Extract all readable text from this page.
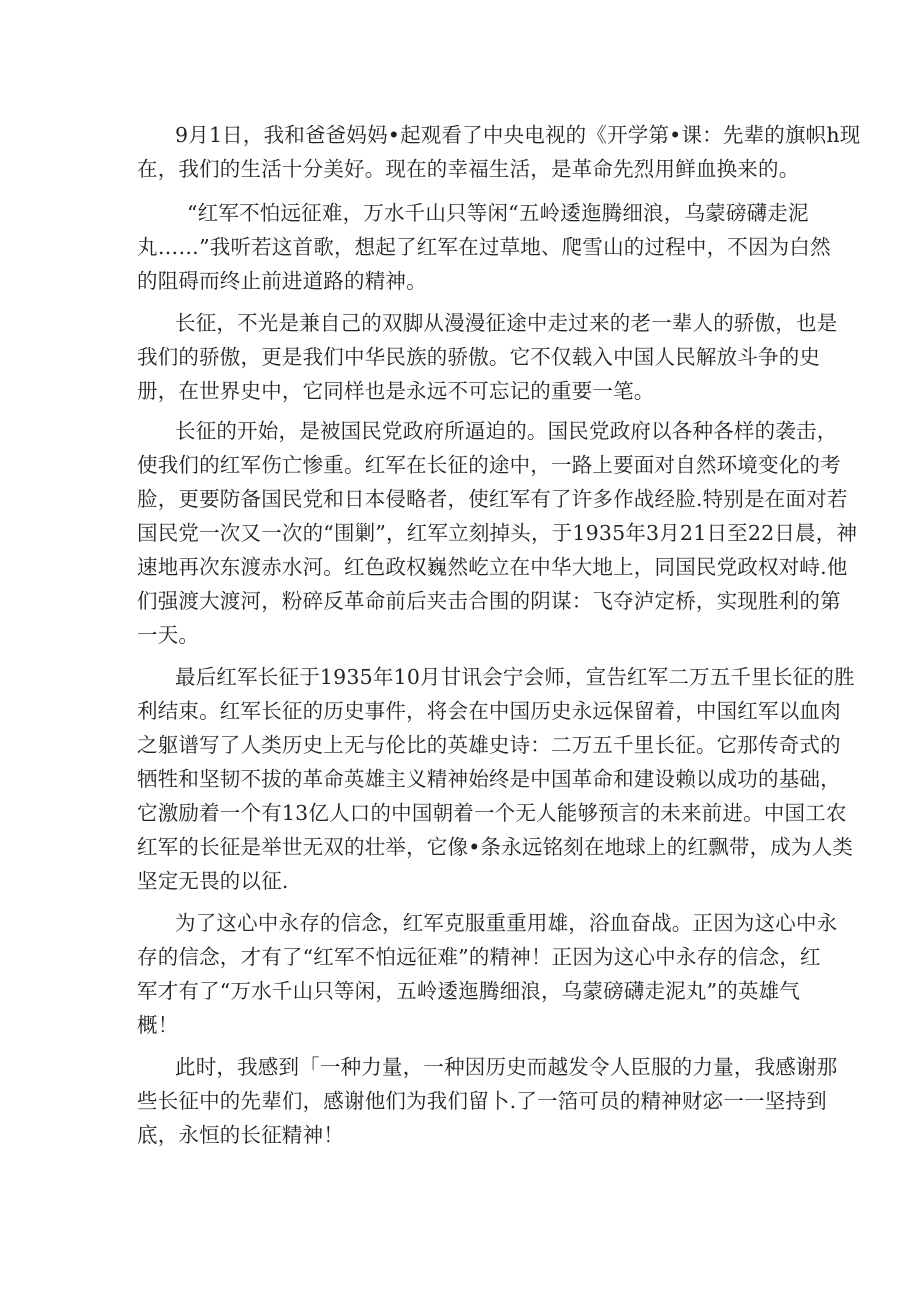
9月1日，我和爸爸妈妈•起观看了中央电视的《开学第•课：先辈的旗帜h现
在，我们的生活十分美好。现在的幸福生活，是革命先烈用鲜血换来的。
“红军不怕远征难，万水千山只等闲“五岭逶迤腾细浪，乌蒙磅礴走泥
丸……”我听若这首歌，想起了红军在过草地、爬雪山的过程中，不因为白然
的阻碍而终止前进道路的精神。
长征，不光是兼自己的双脚从漫漫征途中走过来的老一辈人的骄傲，也是
我们的骄傲，更是我们中华民族的骄傲。它不仅载入中国人民解放斗争的史
册，在世界史中，它同样也是永远不可忘记的重要一笔。
长征的开始，是被国民党政府所逼迫的。国民党政府以各种各样的袭击，
使我们的红军伤亡惨重。红军在长征的途中，一路上要面对自然环境变化的考
脸，更要防备国民党和日本侵略者，使红军有了许多作战经脸.特别是在面对若
国民党一次又一次的“围剿”，红军立刻掉头，于1935年3月21日至22日晨，神
速地再次东渡赤水河。红色政权巍然屹立在中华大地上，同国民党政权对峙.他
们强渡大渡河，粉碎反革命前后夹击合围的阴谋：飞夺泸定桥，实现胜利的第
一天。
最后红军长征于1935年10月甘讯会宁会师，宣告红军二万五千里长征的胜
利结束。红军长征的历史事件，将会在中国历史永远保留着，中国红军以血肉
之躯谱写了人类历史上无与伦比的英雄史诗：二万五千里长征。它那传奇式的
牺牲和坚韧不拔的革命英雄主义精神始终是中国革命和建设赖以成功的基础，
它激励着一个有13亿人口的中国朝着一个无人能够预言的未来前进。中国工农
红军的长征是举世无双的壮举，它像•条永远铭刻在地球上的红飘带，成为人类
坚定无畏的以征.
为了这心中永存的信念，红军克服重重用雄，浴血奋战。正因为这心中永
存的信念，才有了“红军不怕远征难”的精神！正因为这心中永存的信念，红
军才有了“万水千山只等闲，五岭逶迤腾细浪，乌蒙磅礴走泥丸”的英雄气
概！
此时，我感到「一种力量，一种因历史而越发令人臣服的力量，我感谢那
些长征中的先辈们，感谢他们为我们留卜.了一箔可员的精神财宓一一坚持到
底，永恒的长征精神！
